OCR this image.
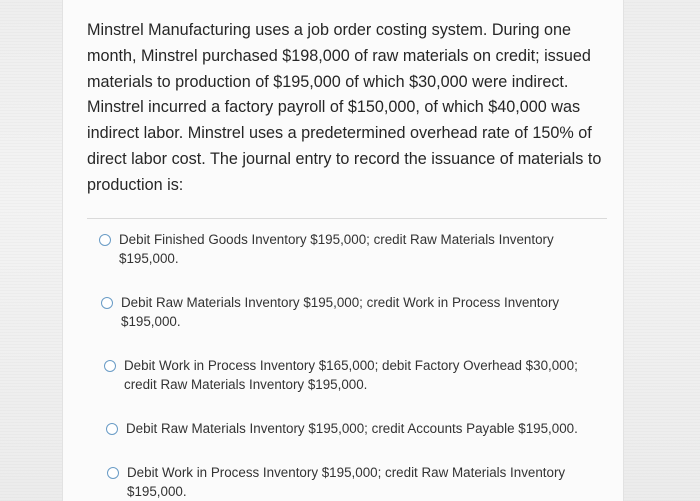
Minstrel Manufacturing uses a job order costing system. During one month, Minstrel purchased $198,000 of raw materials on credit; issued materials to production of $195,000 of which $30,000 were indirect. Minstrel incurred a factory payroll of $150,000, of which $40,000 was indirect labor. Minstrel uses a predetermined overhead rate of 150% of direct labor cost. The journal entry to record the issuance of materials to production is:

Debit Finished Goods Inventory $195,000; credit Raw Materials Inventory $195,000.
Debit Raw Materials Inventory $195,000; credit Work in Process Inventory $195,000.
Debit Work in Process Inventory $165,000; debit Factory Overhead $30,000; credit Raw Materials Inventory $195,000.
Debit Raw Materials Inventory $195,000; credit Accounts Payable $195,000.
Debit Work in Process Inventory $195,000; credit Raw Materials Inventory $195,000.
